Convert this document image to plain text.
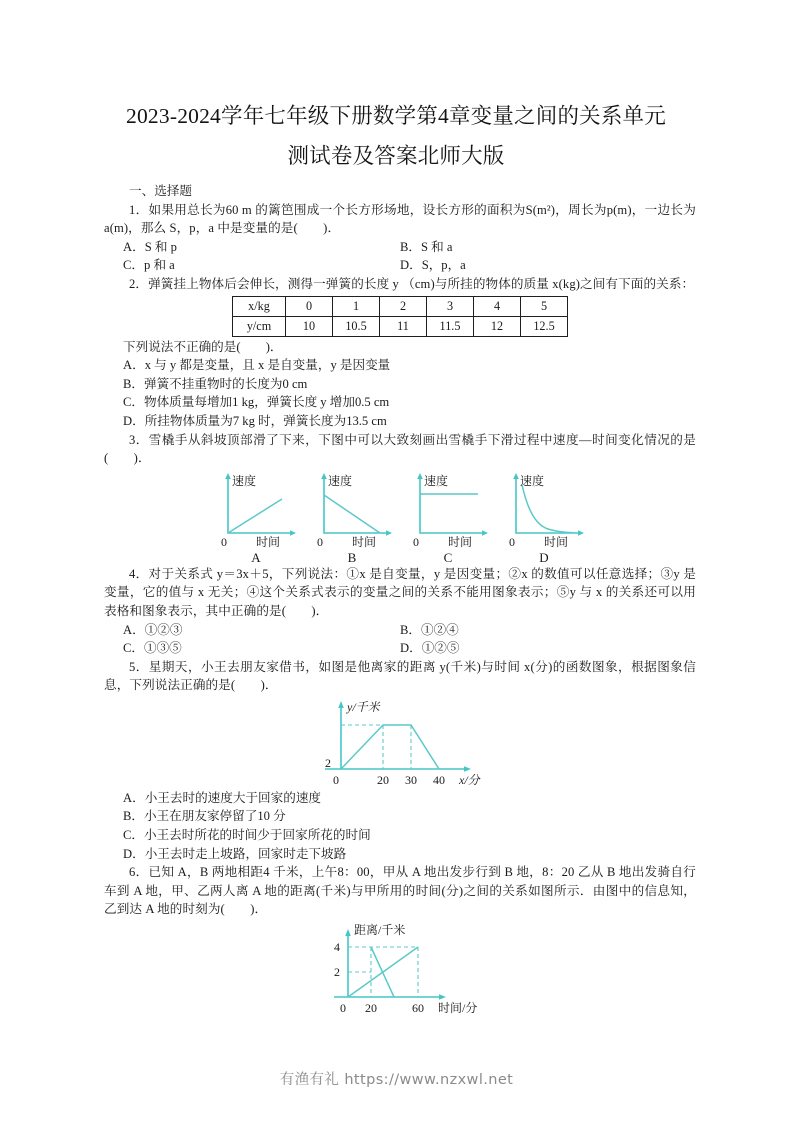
2023-2024学年七年级下册数学第4章变量之间的关系单元
测试卷及答案北师大版
一、选择题
1．如果用总长为60 m 的篱笆围成一个长方形场地，设长方形的面积为S(m²)，周长为p(m)，一边长为a(m)，那么 S，p，a 中是变量的是(　　)．
A．S 和 p	B．S 和 a
C．p 和 a	D．S，p，a
2．弹簧挂上物体后会伸长，测得一弹簧的长度 y （cm)与所挂的物体的质量 x(kg)之间有下面的关系：
x/kg	0	1	2	3	4	5
y/cm	10	10.5	11	11.5	12	12.5
下列说法不正确的是(　　)．
A．x 与 y 都是变量，且 x 是自变量，y 是因变量
B．弹簧不挂重物时的长度为0 cm
C．物体质量每增加1 kg，弹簧长度 y 增加0.5 cm
D．所挂物体质量为7 kg 时，弹簧长度为13.5 cm
3．雪橇手从斜坡顶部滑了下来，下图中可以大致刻画出雪橇手下滑过程中速度—时间变化情况的是(　　)．
速度
0 时间
A
速度
0 时间
B
速度
0 时间
C
速度
0 时间
D
4．对于关系式 y＝3x＋5，下列说法：①x 是自变量，y 是因变量；②x 的数值可以任意选择；③y 是变量，它的值与 x 无关；④这个关系式表示的变量之间的关系不能用图象表示；⑤y 与 x 的关系还可以用表格和图象表示，其中正确的是(　　)．
A．①②③	B．①②④
C．①③⑤	D．①②⑤
5．星期天，小王去朋友家借书，如图是他离家的距离 y(千米)与时间 x(分)的函数图象，根据图象信息，下列说法正确的是(　　)．
y/千米
2
0	20 30 40 x/分
A．小王去时的速度大于回家的速度
B．小王在朋友家停留了10 分
C．小王去时所花的时间少于回家所花的时间
D．小王去时走上坡路，回家时走下坡路
6．已知 A，B 两地相距4 千米，上午8：00，甲从 A 地出发步行到 B 地，8：20 乙从 B 地出发骑自行车到 A 地，甲、乙两人离 A 地的距离(千米)与甲所用的时间(分)之间的关系如图所示．由图中的信息知，乙到达 A 地的时刻为(　　)．
距离/千米
4
2
0 20	60 时间/分
有渔有礼 https://www.nzxwl.net
